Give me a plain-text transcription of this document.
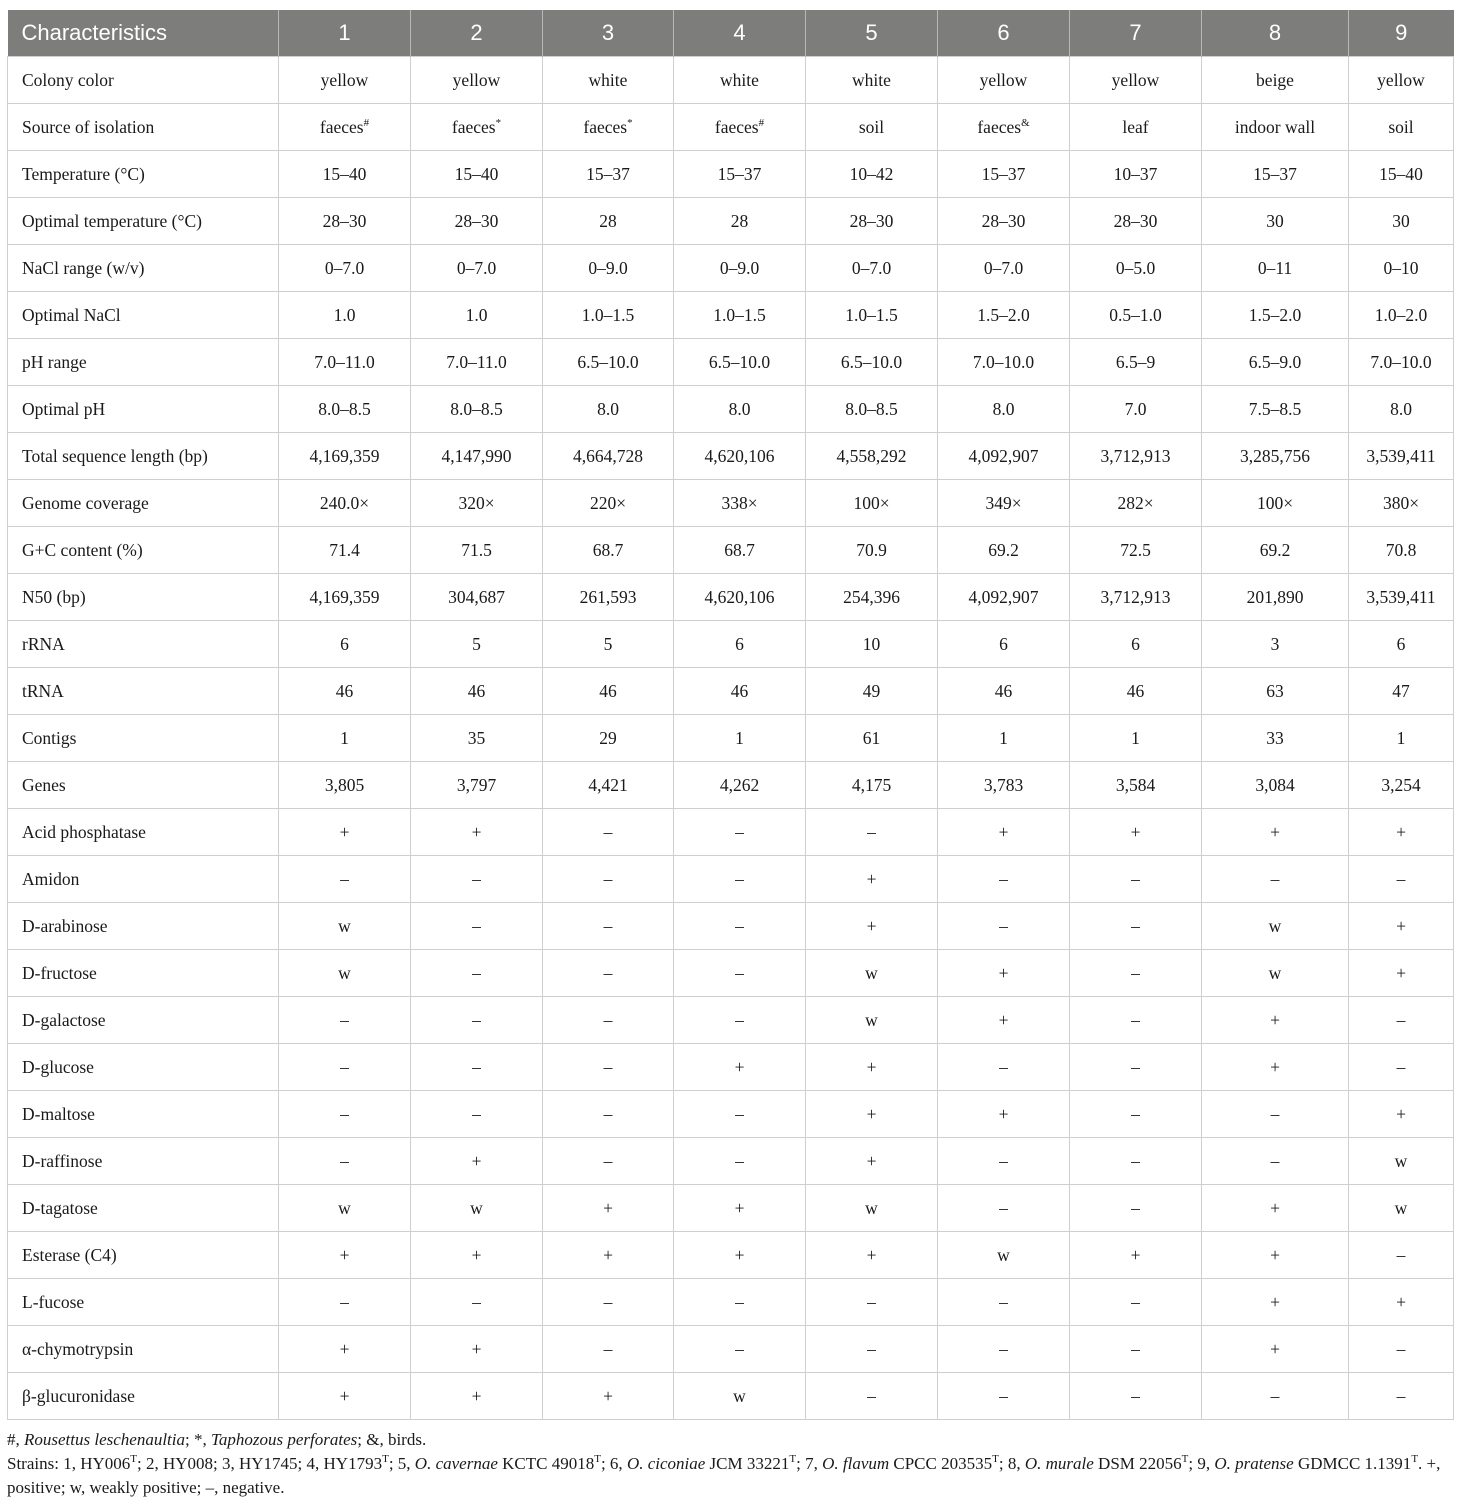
Characteristics	1	2	3	4	5	6	7	8	9
Colony color	yellow	yellow	white	white	white	yellow	yellow	beige	yellow
Source of isolation	faeces#	faeces*	faeces*	faeces#	soil	faeces&	leaf	indoor wall	soil
Temperature (°C)	15–40	15–40	15–37	15–37	10–42	15–37	10–37	15–37	15–40
Optimal temperature (°C)	28–30	28–30	28	28	28–30	28–30	28–30	30	30
NaCl range (w/v)	0–7.0	0–7.0	0–9.0	0–9.0	0–7.0	0–7.0	0–5.0	0–11	0–10
Optimal NaCl	1.0	1.0	1.0–1.5	1.0–1.5	1.0–1.5	1.5–2.0	0.5–1.0	1.5–2.0	1.0–2.0
pH range	7.0–11.0	7.0–11.0	6.5–10.0	6.5–10.0	6.5–10.0	7.0–10.0	6.5–9	6.5–9.0	7.0–10.0
Optimal pH	8.0–8.5	8.0–8.5	8.0	8.0	8.0–8.5	8.0	7.0	7.5–8.5	8.0
Total sequence length (bp)	4,169,359	4,147,990	4,664,728	4,620,106	4,558,292	4,092,907	3,712,913	3,285,756	3,539,411
Genome coverage	240.0×	320×	220×	338×	100×	349×	282×	100×	380×
G+C content (%)	71.4	71.5	68.7	68.7	70.9	69.2	72.5	69.2	70.8
N50 (bp)	4,169,359	304,687	261,593	4,620,106	254,396	4,092,907	3,712,913	201,890	3,539,411
rRNA	6	5	5	6	10	6	6	3	6
tRNA	46	46	46	46	49	46	46	63	47
Contigs	1	35	29	1	61	1	1	33	1
Genes	3,805	3,797	4,421	4,262	4,175	3,783	3,584	3,084	3,254
Acid phosphatase	+	+	–	–	–	+	+	+	+
Amidon	–	–	–	–	+	–	–	–	–
D-arabinose	w	–	–	–	+	–	–	w	+
D-fructose	w	–	–	–	w	+	–	w	+
D-galactose	–	–	–	–	w	+	–	+	–
D-glucose	–	–	–	+	+	–	–	+	–
D-maltose	–	–	–	–	+	+	–	–	+
D-raffinose	–	+	–	–	+	–	–	–	w
D-tagatose	w	w	+	+	w	–	–	+	w
Esterase (C4)	+	+	+	+	+	w	+	+	–
L-fucose	–	–	–	–	–	–	–	+	+
α-chymotrypsin	+	+	–	–	–	–	–	+	–
β-glucuronidase	+	+	+	w	–	–	–	–	–

#, Rousettus leschenaultia; *, Taphozous perforates; &, birds.

Strains: 1, $HY006^T$; 2, HY008; 3, HY1745; 4, $HY1793^T$; 5, O. cavernae KCTC $49018^T$; 6, O. ciconiae JCM $33221^T$; 7, O. flavum CPCC $203535^T$; 8, O. murale DSM $22056^T$; 9, O. pratense GDMCC $1.1391^T$. +, positive; w, weakly positive; –, negative.
